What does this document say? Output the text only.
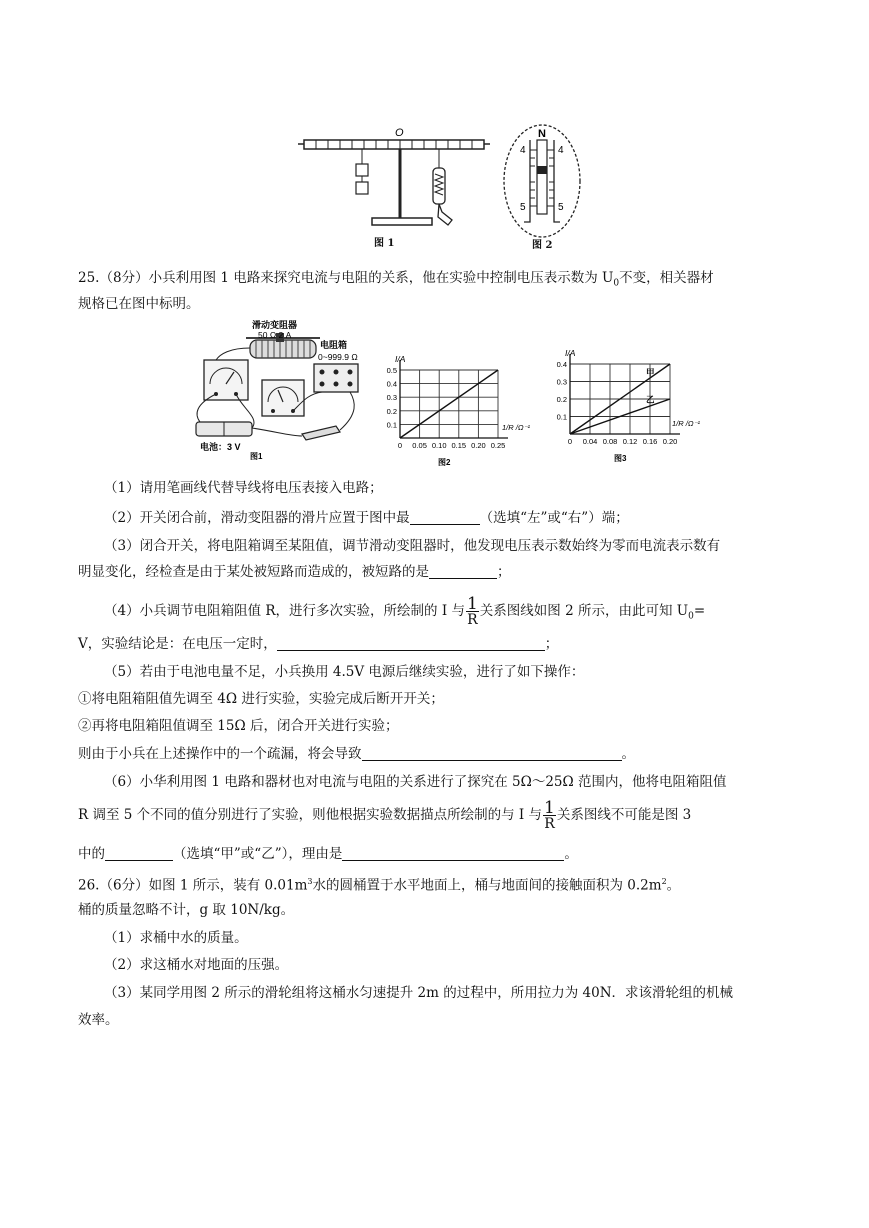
O
图 1
N
4	4
5	5
图 2
25.（8分）小兵利用图 1 电路来探究电流与电阻的关系，他在实验中控制电压表示数为 $U_0$不变，相关器材
规格已在图中标明。
滑动变阻器
50 Ω 2 A
电阻箱
0~999.9 Ω
电池：3 V
图1
0 0.05 0.10 0.15 0.20 0.25
0.1
0.2
0.3
0.4
0.5
I/A
1/R /Ω⁻¹
图2
0 0.04 0.08 0.12 0.16 0.20
0.1
0.2
0.3
0.4
甲
乙
I/A
1/R /Ω⁻¹
图3
（1）请用笔画线代替导线将电压表接入电路；
（2）开关闭合前，滑动变阻器的滑片应置于图中最	（选填“左”或“右”）端；
（3）闭合开关，将电阻箱调至某阻值，调节滑动变阻器时，他发现电压表示数始终为零而电流表示数有
明显变化，经检查是由于某处被短路而造成的，被短路的是	；
（4）小兵调节电阻箱阻值 R，进行多次实验，所绘制的 I 与 $\frac{1}{R}$ 关系图线如图 2 所示，由此可知 $U_0=$
V，实验结论是：在电压一定时，	；
（5）若由于电池电量不足，小兵换用 4.5V 电源后继续实验，进行了如下操作：
①将电阻箱阻值先调至 4Ω 进行实验，实验完成后断开开关；
②再将电阻箱阻值调至 15Ω 后，闭合开关进行实验；
则由于小兵在上述操作中的一个疏漏，将会导致	。
（6）小华利用图 1 电路和器材也对电流与电阻的关系进行了探究在 5Ω～25Ω 范围内，他将电阻箱阻值
R 调至 5 个不同的值分别进行了实验，则他根据实验数据描点所绘制的与 I 与 $\frac{1}{R}$ 关系图线不可能是图 3
中的	（选填“甲”或“乙”），理由是	。
26.（6分）如图 1 所示，装有 $0.01m^3$水的圆桶置于水平地面上，桶与地面间的接触面积为 $0.2m^2$。
桶的质量忽略不计，g 取 10N/kg。
（1）求桶中水的质量。
（2）求这桶水对地面的压强。
（3）某同学用图 2 所示的滑轮组将这桶水匀速提升 2m 的过程中，所用拉力为 40N．求该滑轮组的机械
效率。
